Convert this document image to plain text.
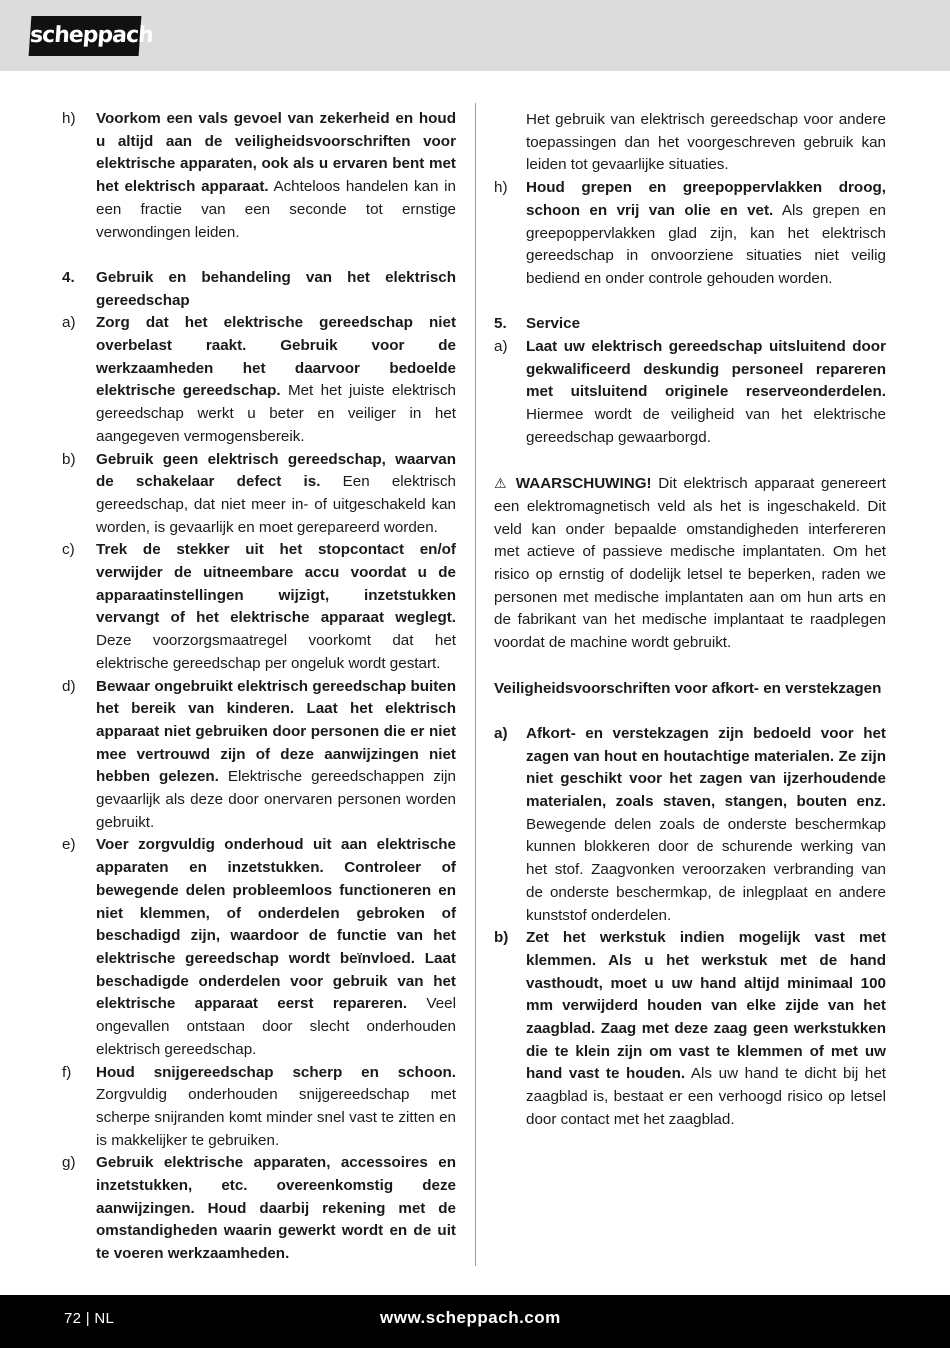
scheppach
h)	Voorkom een vals gevoel van zekerheid en houd u altijd aan de veiligheidsvoorschriften voor elektrische apparaten, ook als u ervaren bent met het elektrisch apparaat. Achteloos handelen kan in een fractie van een seconde tot ernstige verwondingen leiden.
4.	Gebruik en behandeling van het elektrisch gereedschap
a)	Zorg dat het elektrische gereedschap niet overbelast raakt. Gebruik voor de werkzaamheden het daarvoor bedoelde elektrische gereedschap. Met het juiste elektrisch gereedschap werkt u beter en veiliger in het aangegeven vermogensbereik.
b)	Gebruik geen elektrisch gereedschap, waarvan de schakelaar defect is. Een elektrisch gereedschap, dat niet meer in- of uitgeschakeld kan worden, is gevaarlijk en moet gerepareerd worden.
c)	Trek de stekker uit het stopcontact en/of verwijder de uitneembare accu voordat u de apparaatinstellingen wijzigt, inzetstukken vervangt of het elektrische apparaat weglegt. Deze voorzorgsmaatregel voorkomt dat het elektrische gereedschap per ongeluk wordt gestart.
d)	Bewaar ongebruikt elektrisch gereedschap buiten het bereik van kinderen. Laat het elektrisch apparaat niet gebruiken door personen die er niet mee vertrouwd zijn of deze aanwijzingen niet hebben gelezen. Elektrische gereedschappen zijn gevaarlijk als deze door onervaren personen worden gebruikt.
e)	Voer zorgvuldig onderhoud uit aan elektrische apparaten en inzetstukken. Controleer of bewegende delen probleemloos functioneren en niet klemmen, of onderdelen gebroken of beschadigd zijn, waardoor de functie van het elektrische gereedschap wordt beïnvloed. Laat beschadigde onderdelen voor gebruik van het elektrische apparaat eerst repareren. Veel ongevallen ontstaan door slecht onderhouden elektrisch gereedschap.
f)	Houd snijgereedschap scherp en schoon. Zorgvuldig onderhouden snijgereedschap met scherpe snijranden komt minder snel vast te zitten en is makkelijker te gebruiken.
g)	Gebruik elektrische apparaten, accessoires en inzetstukken, etc. overeenkomstig deze aanwijzingen. Houd daarbij rekening met de omstandigheden waarin gewerkt wordt en de uit te voeren werkzaamheden.
Het gebruik van elektrisch gereedschap voor andere toepassingen dan het voorgeschreven gebruik kan leiden tot gevaarlijke situaties.
h)	Houd grepen en greepoppervlakken droog, schoon en vrij van olie en vet. Als grepen en greepoppervlakken glad zijn, kan het elektrisch gereedschap in onvoorziene situaties niet veilig bediend en onder controle gehouden worden.
5.	Service
a)	Laat uw elektrisch gereedschap uitsluitend door gekwalificeerd deskundig personeel repareren met uitsluitend originele reserveonderdelen. Hiermee wordt de veiligheid van het elektrische gereedschap gewaarborgd.
⚠ WAARSCHUWING! Dit elektrisch apparaat genereert een elektromagnetisch veld als het is ingeschakeld. Dit veld kan onder bepaalde omstandigheden interfereren met actieve of passieve medische implantaten. Om het risico op ernstig of dodelijk letsel te beperken, raden we personen met medische implantaten aan om hun arts en de fabrikant van het medische implantaat te raadplegen voordat de machine wordt gebruikt.
Veiligheidsvoorschriften voor afkort- en verstekzagen
a)	Afkort- en verstekzagen zijn bedoeld voor het zagen van hout en houtachtige materialen. Ze zijn niet geschikt voor het zagen van ijzerhoudende materialen, zoals staven, stangen, bouten enz. Bewegende delen zoals de onderste beschermkap kunnen blokkeren door de schurende werking van het stof. Zaagvonken veroorzaken verbranding van de onderste beschermkap, de inlegplaat en andere kunststof onderdelen.
b)	Zet het werkstuk indien mogelijk vast met klemmen. Als u het werkstuk met de hand vasthoudt, moet u uw hand altijd minimaal 100 mm verwijderd houden van elke zijde van het zaagblad. Zaag met deze zaag geen werkstukken die te klein zijn om vast te klemmen of met uw hand vast te houden. Als uw hand te dicht bij het zaagblad is, bestaat er een verhoogd risico op letsel door contact met het zaagblad.
72 | NL	www.scheppach.com
